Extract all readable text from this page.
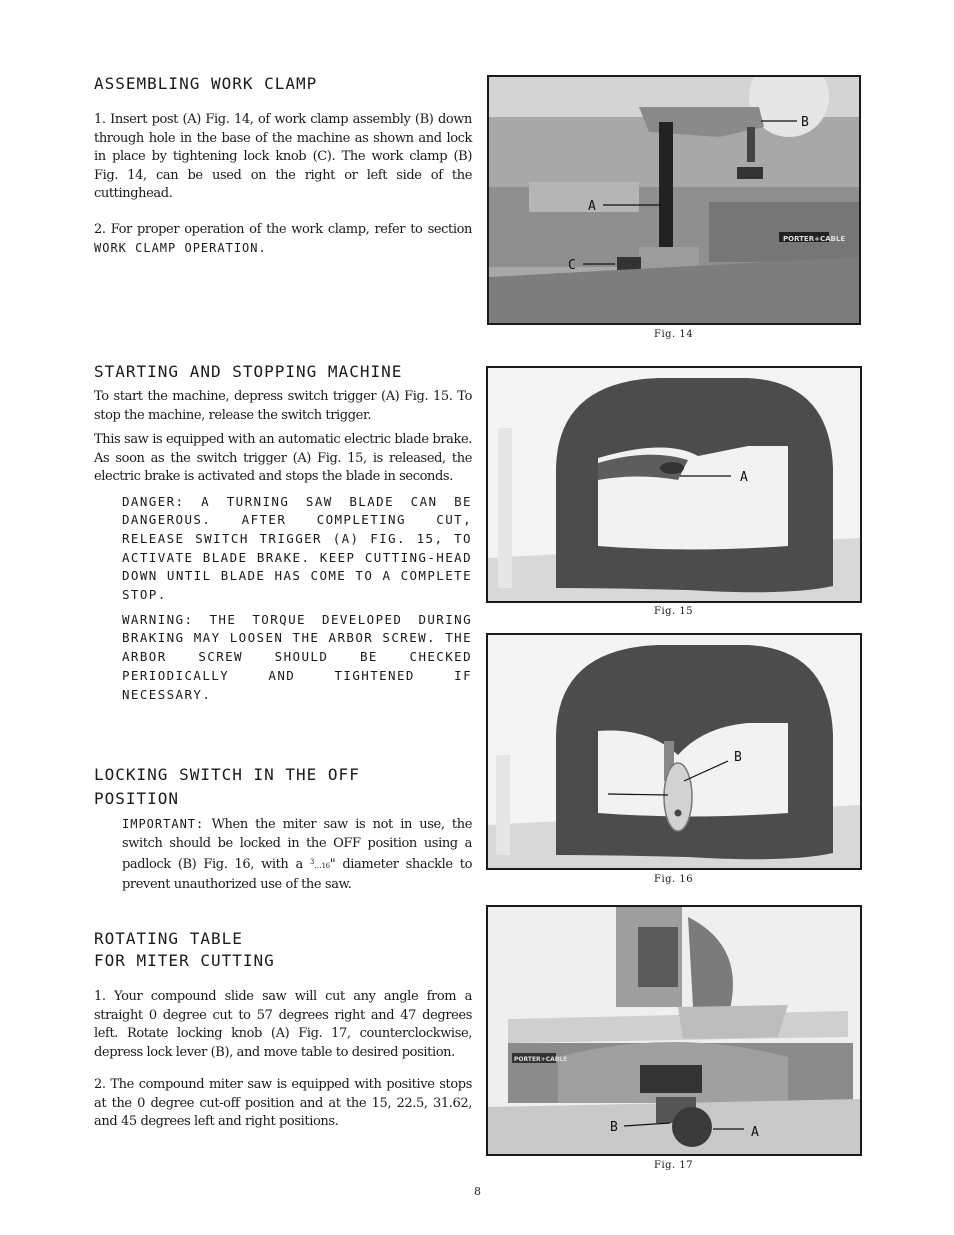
ASSEMBLING WORK CLAMP

1. Insert post (A) Fig. 14, of work clamp assembly (B) down through hole in the base of the machine as shown and lock in place by tightening lock knob (C). The work clamp (B) Fig. 14, can be used on the right or left side of the cuttinghead.

2. For proper operation of the work clamp, refer to section WORK CLAMP OPERATION.

STARTING AND STOPPING MACHINE

To start the machine, depress switch trigger (A) Fig. 15. To stop the machine, release the switch trigger.

This saw is equipped with an automatic electric blade brake. As soon as the switch trigger (A) Fig. 15, is released, the electric brake is activated and stops the blade in seconds.

DANGER: A TURNING SAW BLADE CAN BE DANGEROUS. AFTER COMPLETING CUT, RELEASE SWITCH TRIGGER (A) FIG. 15, TO ACTIVATE BLADE BRAKE. KEEP CUTTING-HEAD DOWN UNTIL BLADE HAS COME TO A COMPLETE STOP.

WARNING: THE TORQUE DEVELOPED DURING BRAKING MAY LOOSEN THE ARBOR SCREW. THE ARBOR SCREW SHOULD BE CHECKED PERIODICALLY AND TIGHTENED IF NECESSARY.

LOCKING SWITCH IN THE OFF
POSITION

IMPORTANT: When the miter saw is not in use, the switch should be locked in the OFF position using a padlock (B) Fig. 16, with a $^3$…16" diameter shackle to prevent unauthorized use of the saw.

ROTATING TABLE
FOR MITER CUTTING

1. Your compound slide saw will cut any angle from a straight 0 degree cut to 57 degrees right and 47 degrees left. Rotate locking knob (A) Fig. 17, counterclockwise, depress lock lever (B), and move table to desired position.

2. The compound miter saw is equipped with positive stops at the 0 degree cut-off position and at the 15, 22.5, 31.62, and 45 degrees left and right positions.

PORTER+CABLE
B
A
C
Fig. 14
A
Fig. 15
B
Fig. 16
PORTER+CABLE
B	A
Fig. 17
8
